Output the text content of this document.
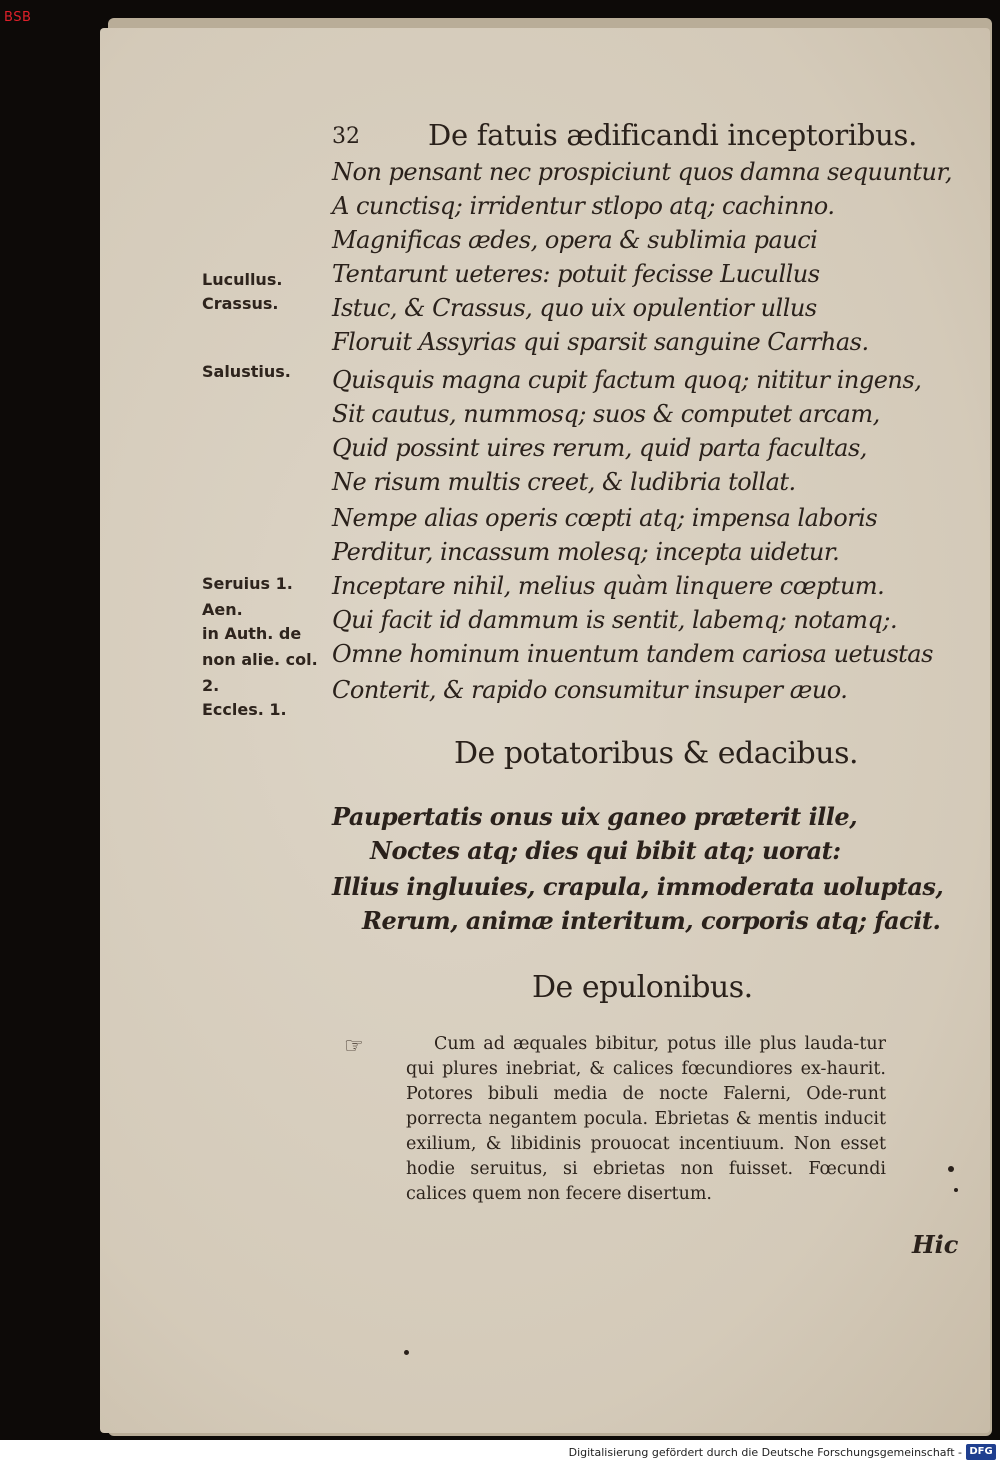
BSB
32 De fatuis ædificandi inceptoribus.
Non pensant nec prospiciunt quos damna sequuntur,
A cunctisq; irridentur stlopo atq; cachinno.
Magnificas ædes, opera & sublimia pauci
Tentarunt ueteres: potuit fecisse Lucullus
Istuc, & Crassus, quo uix opulentior ullus
Floruit Assyrias qui sparsit sanguine Carrhas.
Quisquis magna cupit factum quoq; nititur ingens,
Sit cautus, nummosq; suos & computet arcam,
Quid possint uires rerum, quid parta facultas,
Ne risum multis creet, & ludibria tollat.
Nempe alias operis cœpti atq; impensa laboris
Perditur, incassum molesq; incepta uidetur.
Inceptare nihil, melius quàm linquere cœptum.
Qui facit id dammum is sentit, labemq; notamq;.
Omne hominum inuentum tandem cariosa uetustas
Conterit, & rapido consumitur insuper æuo.
Lucullus.
Crassus.
Salustius.
Seruius 1.
Aen.
in Auth. de
non alie. col.
2.
Eccles. 1.
De potatoribus & edacibus.
Paupertatis onus uix ganeo præterit ille,
Noctes atq; dies qui bibit atq; uorat:
Illius ingluuies, crapula, immoderata uoluptas,
Rerum, animæ interitum, corporis atq; facit.
De epulonibus.
☞	Cum ad æquales bibitur, potus ille plus lauda-tur qui plures inebriat, & calices fœcundiores ex-haurit. Potores bibuli media de nocte Falerni, Ode-runt porrecta negantem pocula. Ebrietas & mentis inducit exilium, & libidinis prouocat incentiuum. Non esset hodie seruitus, si ebrietas non fuisset. Fœcundi calices quem non fecere disertum.
Hic
Digitalisierung gefördert durch die Deutsche Forschungsgemeinschaft - DFG
